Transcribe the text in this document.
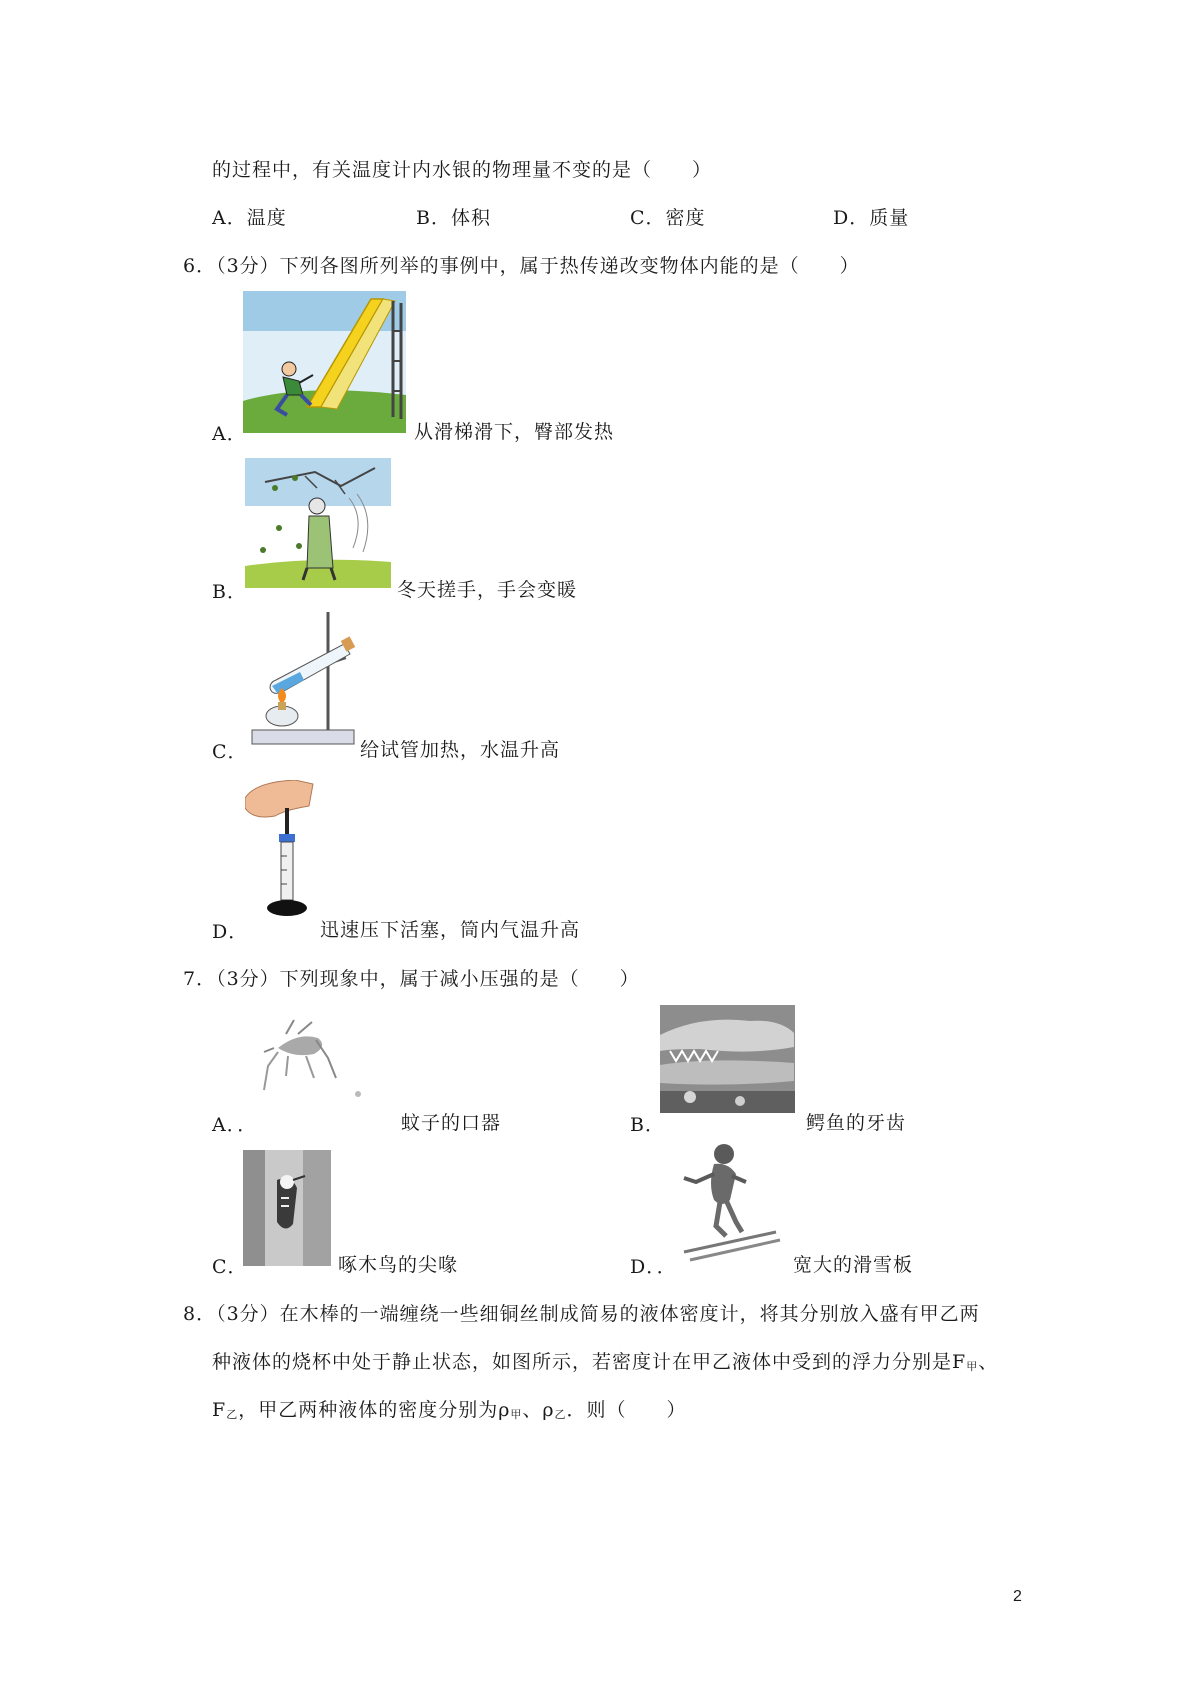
的过程中，有关温度计内水银的物理量不变的是（　　）
A．温度	B．体积	C．密度	D．质量
6．（3分）下列各图所列举的事例中，属于热传递改变物体内能的是（　　）
A．	从滑梯滑下，臀部发热
B．	冬天搓手，手会变暖
C．	给试管加热，水温升高
D．	迅速压下活塞，筒内气温升高
7．（3分）下列现象中，属于减小压强的是（　　）
A．．	蚊子的口器	B．	鳄鱼的牙齿
C．	啄木鸟的尖喙	D．．	宽大的滑雪板
8．（3分）在木棒的一端缠绕一些细铜丝制成简易的液体密度计，将其分别放入盛有甲乙两
种液体的烧杯中处于静止状态，如图所示，若密度计在甲乙液体中受到的浮力分别是$F_甲$、
$F_乙$，甲乙两种液体的密度分别为$\rho_甲$、$\rho_乙$．则（　　）
2
